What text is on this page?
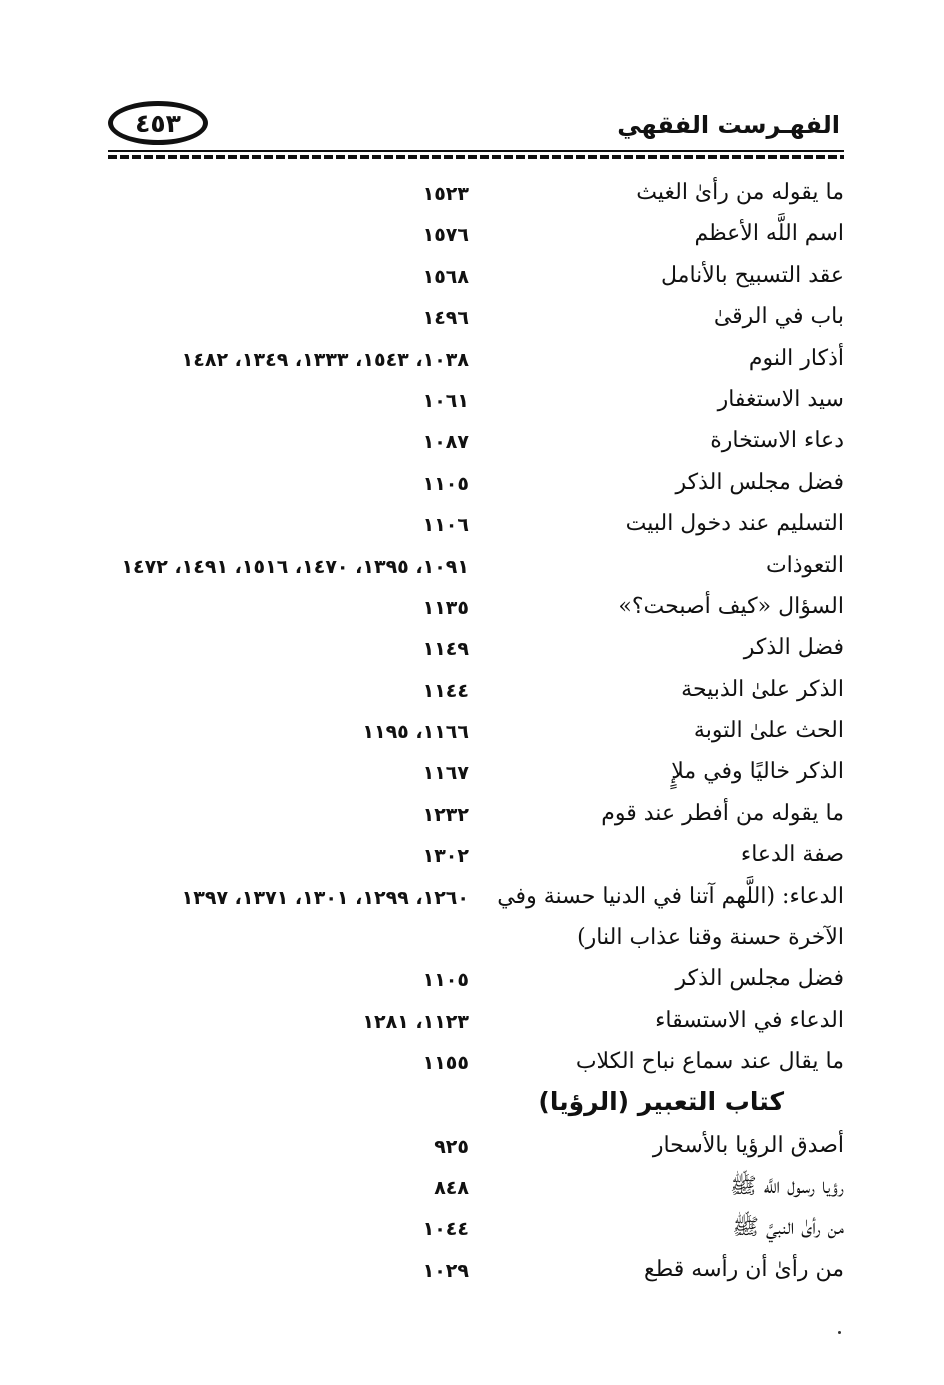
٤٥٣	الفهـرست الفقهي
ما يقوله من رأىٰ الغيث
١٥٢٣
اسم اللَّه الأعظم
١٥٧٦
عقد التسبيح بالأنامل
١٥٦٨
باب في الرقىٰ
١٤٩٦
أذكار النوم
١٠٣٨، ١٥٤٣، ١٣٣٣، ١٣٤٩، ١٤٨٢
سيد الاستغفار
١٠٦١
دعاء الاستخارة
١٠٨٧
فضل مجلس الذكر
١١٠٥
التسليم عند دخول البيت
١١٠٦
التعوذات
١٠٩١، ١٣٩٥، ١٤٧٠، ١٥١٦، ١٤٩١، ١٤٧٢
السؤال «كيف أصبحت؟»
١١٣٥
فضل الذكر
١١٤٩
الذكر علىٰ الذبيحة
١١٤٤
الحث علىٰ التوبة
١١٦٦، ١١٩٥
الذكر خاليًا وفي ملإٍ
١١٦٧
ما يقوله من أفطر عند قوم
١٢٣٢
صفة الدعاء
١٣٠٢
الدعاء: (اللَّهم آتنا في الدنيا حسنة وفي الآخرة حسنة وقنا عذاب النار)
١٢٦٠، ١٢٩٩، ١٣٠١، ١٣٧١، ١٣٩٧
فضل مجلس الذكر
١١٠٥
الدعاء في الاستسقاء
١١٢٣، ١٢٨١
ما يقال عند سماع نباح الكلاب
١١٥٥
كتاب التعبير (الرؤيا)
أصدق الرؤيا بالأسحار
٩٢٥
رؤيا رسول اللَّه ﷺ
٨٤٨
من رأىٰ النبيَّ ﷺ
١٠٤٤
من رأىٰ أن رأسه قطع
١٠٢٩
